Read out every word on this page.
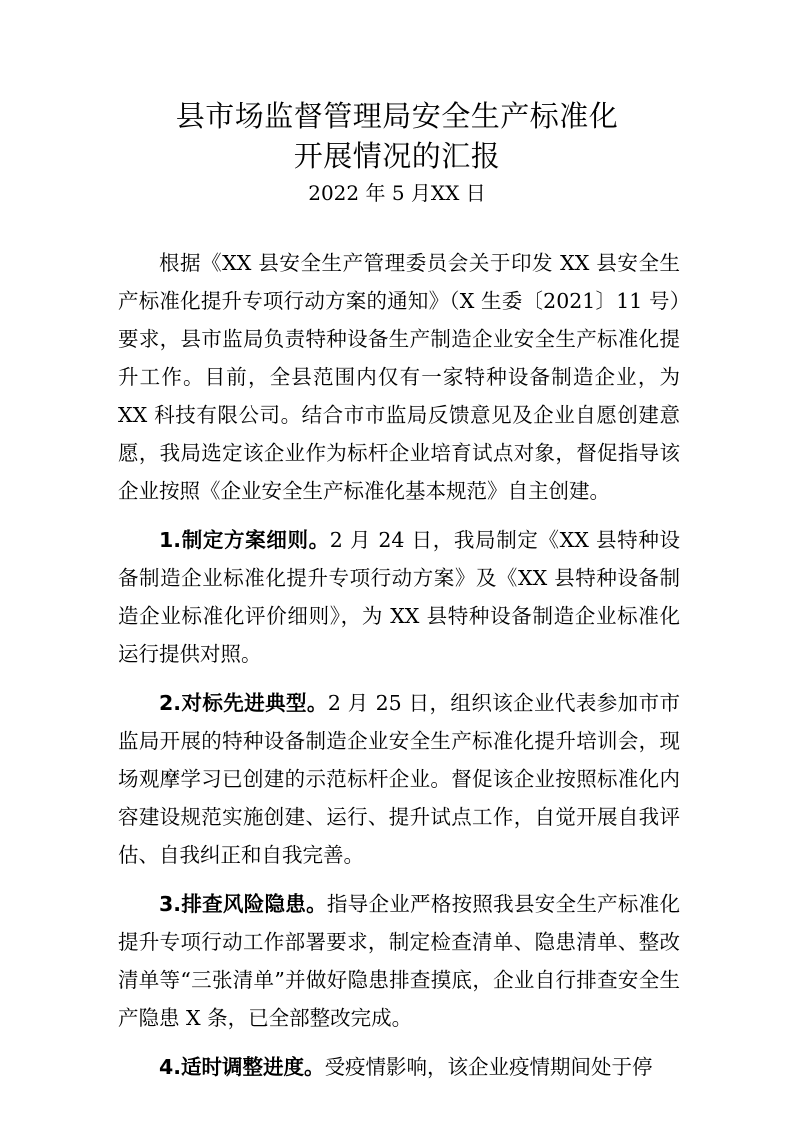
县市场监督管理局安全生产标准化
开展情况的汇报
2022 年 5 月XX 日

根据《XX 县安全生产管理委员会关于印发 XX 县安全生产标准化提升专项行动方案的通知》（X 生委〔2021〕11 号）要求，县市监局负责特种设备生产制造企业安全生产标准化提升工作。目前，全县范围内仅有一家特种设备制造企业，为 XX 科技有限公司。结合市市监局反馈意见及企业自愿创建意愿，我局选定该企业作为标杆企业培育试点对象，督促指导该企业按照《企业安全生产标准化基本规范》自主创建。

1.制定方案细则。2 月 24 日，我局制定《XX 县特种设备制造企业标准化提升专项行动方案》及《XX 县特种设备制造企业标准化评价细则》，为 XX 县特种设备制造企业标准化运行提供对照。

2.对标先进典型。2 月 25 日，组织该企业代表参加市市监局开展的特种设备制造企业安全生产标准化提升培训会，现场观摩学习已创建的示范标杆企业。督促该企业按照标准化内容建设规范实施创建、运行、提升试点工作，自觉开展自我评估、自我纠正和自我完善。

3.排查风险隐患。指导企业严格按照我县安全生产标准化提升专项行动工作部署要求，制定检查清单、隐患清单、整改清单等“三张清单”并做好隐患排查摸底，企业自行排查安全生产隐患 X 条，已全部整改完成。

4.适时调整进度。受疫情影响，该企业疫情期间处于停
